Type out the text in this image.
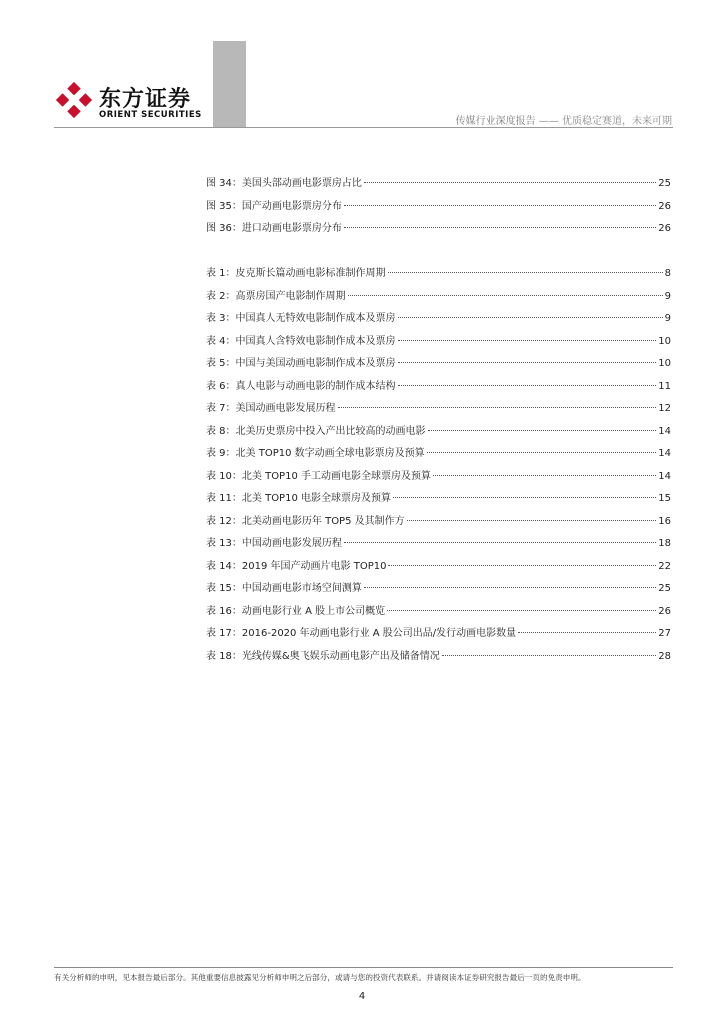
东方证券
ORIENT SECURITIES
传媒行业深度报告 —— 优质稳定赛道，未来可期
图 34：美国头部动画电影票房占比	25
图 35：国产动画电影票房分布	26
图 36：进口动画电影票房分布	26
表 1：皮克斯长篇动画电影标准制作周期	8
表 2：高票房国产电影制作周期	9
表 3：中国真人无特效电影制作成本及票房	9
表 4：中国真人含特效电影制作成本及票房	10
表 5：中国与美国动画电影制作成本及票房	10
表 6：真人电影与动画电影的制作成本结构	11
表 7：美国动画电影发展历程	12
表 8：北美历史票房中投入产出比较高的动画电影	14
表 9：北美 TOP10 数字动画全球电影票房及预算	14
表 10：北美 TOP10 手工动画电影全球票房及预算	14
表 11：北美 TOP10 电影全球票房及预算	15
表 12：北美动画电影历年 TOP5 及其制作方	16
表 13：中国动画电影发展历程	18
表 14：2019 年国产动画片电影 TOP10	22
表 15：中国动画电影市场空间测算	25
表 16：动画电影行业 A 股上市公司概览	26
表 17：2016-2020 年动画电影行业 A 股公司出品/发行动画电影数量	27
表 18：光线传媒&奥飞娱乐动画电影产出及储备情况	28
有关分析师的申明，见本报告最后部分。其他重要信息披露见分析师申明之后部分，或请与您的投资代表联系。并请阅读本证券研究报告最后一页的免责申明。
4
